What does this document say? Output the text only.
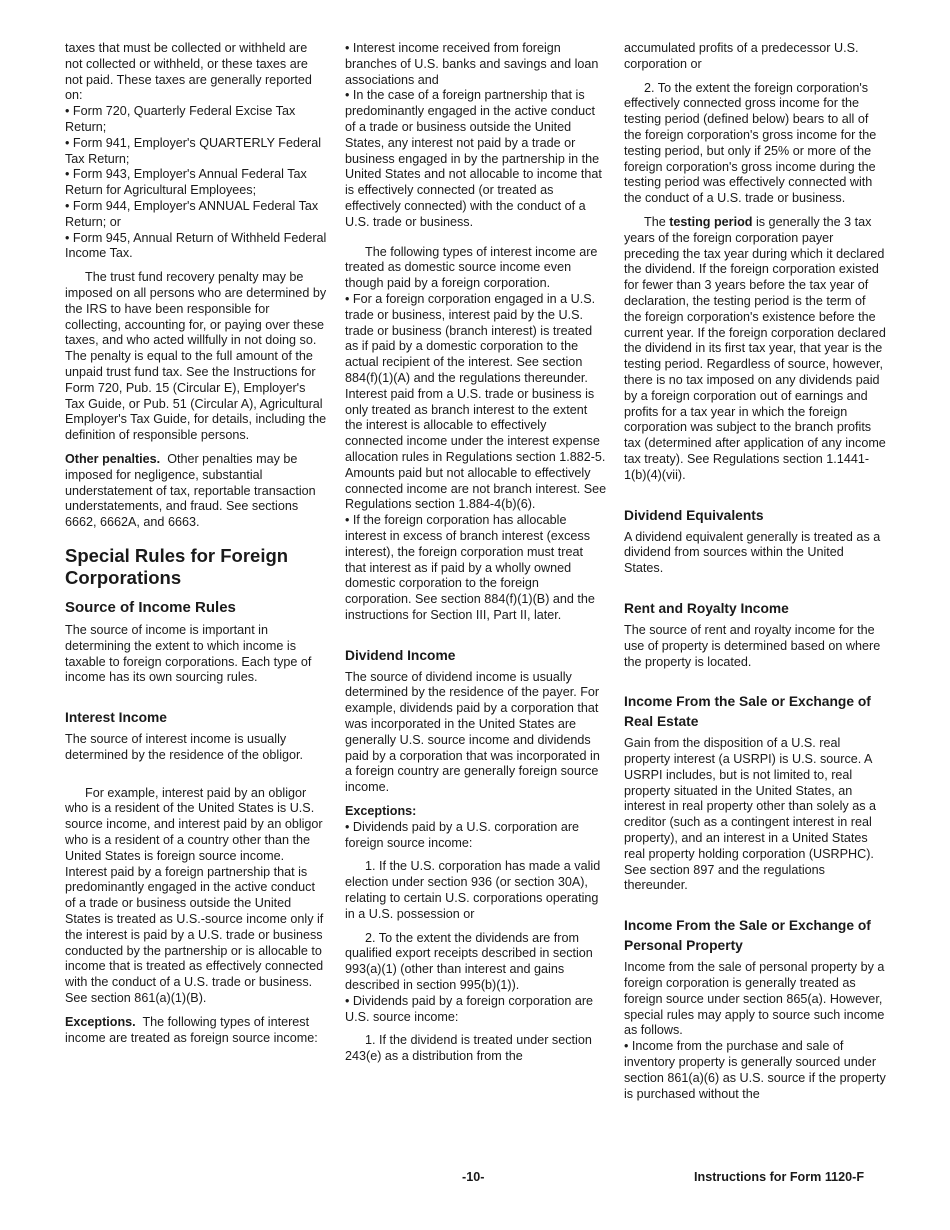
taxes that must be collected or withheld are not collected or withheld, or these taxes are not paid. These taxes are generally reported on:

• Form 720, Quarterly Federal Excise Tax Return;

• Form 941, Employer's QUARTERLY Federal Tax Return;

• Form 943, Employer's Annual Federal Tax Return for Agricultural Employees;

• Form 944, Employer's ANNUAL Federal Tax Return; or

• Form 945, Annual Return of Withheld Federal Income Tax.

The trust fund recovery penalty may be imposed on all persons who are determined by the IRS to have been responsible for collecting, accounting for, or paying over these taxes, and who acted willfully in not doing so. The penalty is equal to the full amount of the unpaid trust fund tax. See the Instructions for Form 720, Pub. 15 (Circular E), Employer's Tax Guide, or Pub. 51 (Circular A), Agricultural Employer's Tax Guide, for details, including the definition of responsible persons.

Other penalties. Other penalties may be imposed for negligence, substantial understatement of tax, reportable transaction understatements, and fraud. See sections 6662, 6662A, and 6663.

Special Rules for Foreign Corporations
Source of Income Rules

The source of income is important in determining the extent to which income is taxable to foreign corporations. Each type of income has its own sourcing rules.

Interest Income

The source of interest income is usually determined by the residence of the obligor.

For example, interest paid by an obligor who is a resident of the United States is U.S. source income, and interest paid by an obligor who is a resident of a country other than the United States is foreign source income. Interest paid by a foreign partnership that is predominantly engaged in the active conduct of a trade or business outside the United States is treated as U.S.-source income only if the interest is paid by a U.S. trade or business conducted by the partnership or is allocable to income that is treated as effectively connected with the conduct of a U.S. trade or business. See section 861(a)(1)(B).

Exceptions. The following types of interest income are treated as foreign source income:

• Interest income received from foreign branches of U.S. banks and savings and loan associations and

• In the case of a foreign partnership that is predominantly engaged in the active conduct of a trade or business outside the United States, any interest not paid by a trade or business engaged in by the partnership in the United States and not allocable to income that is effectively connected (or treated as effectively connected) with the conduct of a U.S. trade or business.

The following types of interest income are treated as domestic source income even though paid by a foreign corporation.

• For a foreign corporation engaged in a U.S. trade or business, interest paid by the U.S. trade or business (branch interest) is treated as if paid by a domestic corporation to the actual recipient of the interest. See section 884(f)(1)(A) and the regulations thereunder. Interest paid from a U.S. trade or business is only treated as branch interest to the extent the interest is allocable to effectively connected income under the interest expense allocation rules in Regulations section 1.882-5. Amounts paid but not allocable to effectively connected income are not branch interest. See Regulations section 1.884-4(b)(6).

• If the foreign corporation has allocable interest in excess of branch interest (excess interest), the foreign corporation must treat that interest as if paid by a wholly owned domestic corporation to the foreign corporation. See section 884(f)(1)(B) and the instructions for Section III, Part II, later.

Dividend Income

The source of dividend income is usually determined by the residence of the payer. For example, dividends paid by a corporation that was incorporated in the United States are generally U.S. source income and dividends paid by a corporation that was incorporated in a foreign country are generally foreign source income.

Exceptions:

• Dividends paid by a U.S. corporation are foreign source income:

1. If the U.S. corporation has made a valid election under section 936 (or section 30A), relating to certain U.S. corporations operating in a U.S. possession or

2. To the extent the dividends are from qualified export receipts described in section 993(a)(1) (other than interest and gains described in section 995(b)(1)).

• Dividends paid by a foreign corporation are U.S. source income:

1. If the dividend is treated under section 243(e) as a distribution from the

accumulated profits of a predecessor U.S. corporation or

2. To the extent the foreign corporation's effectively connected gross income for the testing period (defined below) bears to all of the foreign corporation's gross income for the testing period, but only if 25% or more of the foreign corporation's gross income during the testing period was effectively connected with the conduct of a U.S. trade or business.

The testing period is generally the 3 tax years of the foreign corporation payer preceding the tax year during which it declared the dividend. If the foreign corporation existed for fewer than 3 years before the tax year of declaration, the testing period is the term of the foreign corporation's existence before the current year. If the foreign corporation declared the dividend in its first tax year, that year is the testing period. Regardless of source, however, there is no tax imposed on any dividends paid by a foreign corporation out of earnings and profits for a tax year in which the foreign corporation was subject to the branch profits tax (determined after application of any income tax treaty). See Regulations section 1.1441-1(b)(4)(vii).

Dividend Equivalents

A dividend equivalent generally is treated as a dividend from sources within the United States.

Rent and Royalty Income

The source of rent and royalty income for the use of property is determined based on where the property is located.

Income From the Sale or Exchange of Real Estate

Gain from the disposition of a U.S. real property interest (a USRPI) is U.S. source. A USRPI includes, but is not limited to, real property situated in the United States, an interest in real property other than solely as a creditor (such as a contingent interest in real property), and an interest in a United States real property holding corporation (USRPHC). See section 897 and the regulations thereunder.

Income From the Sale or Exchange of Personal Property

Income from the sale of personal property by a foreign corporation is generally treated as foreign source under section 865(a). However, special rules may apply to source such income as follows.

• Income from the purchase and sale of inventory property is generally sourced under section 861(a)(6) as U.S. source if the property is purchased without the

-10-	Instructions for Form 1120-F
